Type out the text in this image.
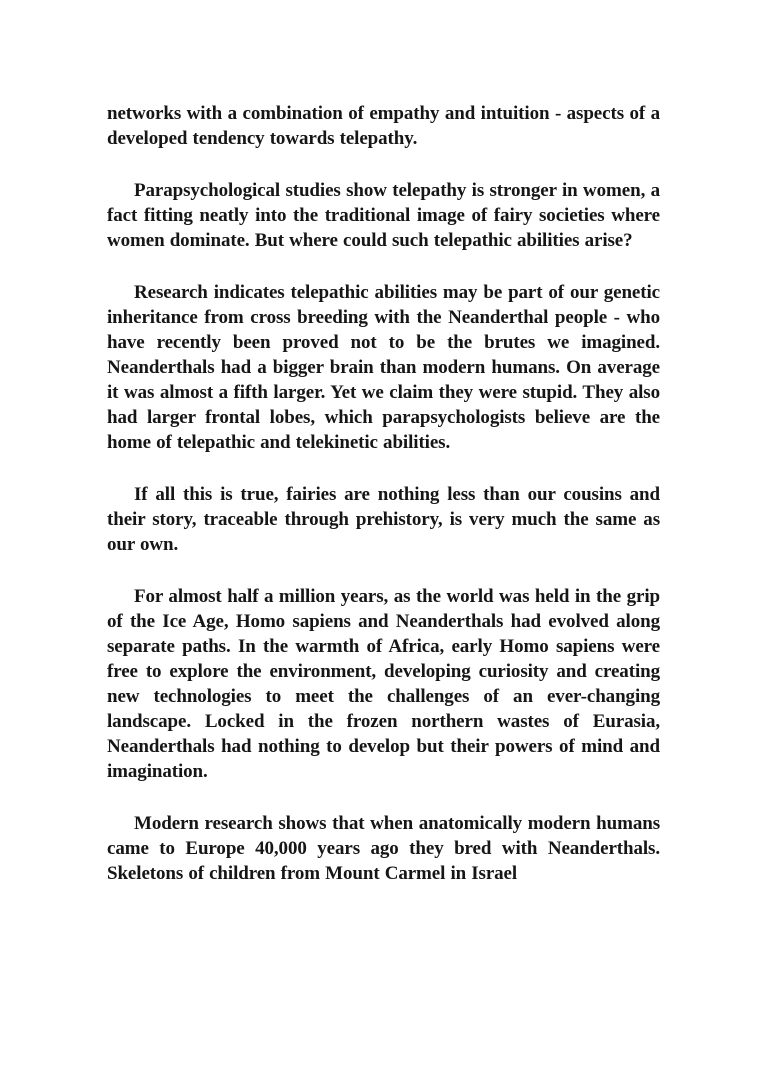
networks with a combination of empathy and intuition - aspects of a developed tendency towards telepathy.

Parapsychological studies show telepathy is stronger in women, a fact fitting neatly into the traditional image of fairy societies where women dominate. But where could such telepathic abilities arise?

Research indicates telepathic abilities may be part of our genetic inheritance from cross breeding with the Neanderthal people - who have recently been proved not to be the brutes we imagined. Neanderthals had a bigger brain than modern humans. On average it was almost a fifth larger. Yet we claim they were stupid. They also had larger frontal lobes, which parapsychologists believe are the home of telepathic and telekinetic abilities.

If all this is true, fairies are nothing less than our cousins and their story, traceable through prehistory, is very much the same as our own.

For almost half a million years, as the world was held in the grip of the Ice Age, Homo sapiens and Neanderthals had evolved along separate paths. In the warmth of Africa, early Homo sapiens were free to explore the environment, developing curiosity and creating new technologies to meet the challenges of an ever-changing landscape. Locked in the frozen northern wastes of Eurasia, Neanderthals had nothing to develop but their powers of mind and imagination.

Modern research shows that when anatomically modern humans came to Europe 40,000 years ago they bred with Neanderthals. Skeletons of children from Mount Carmel in Israel
